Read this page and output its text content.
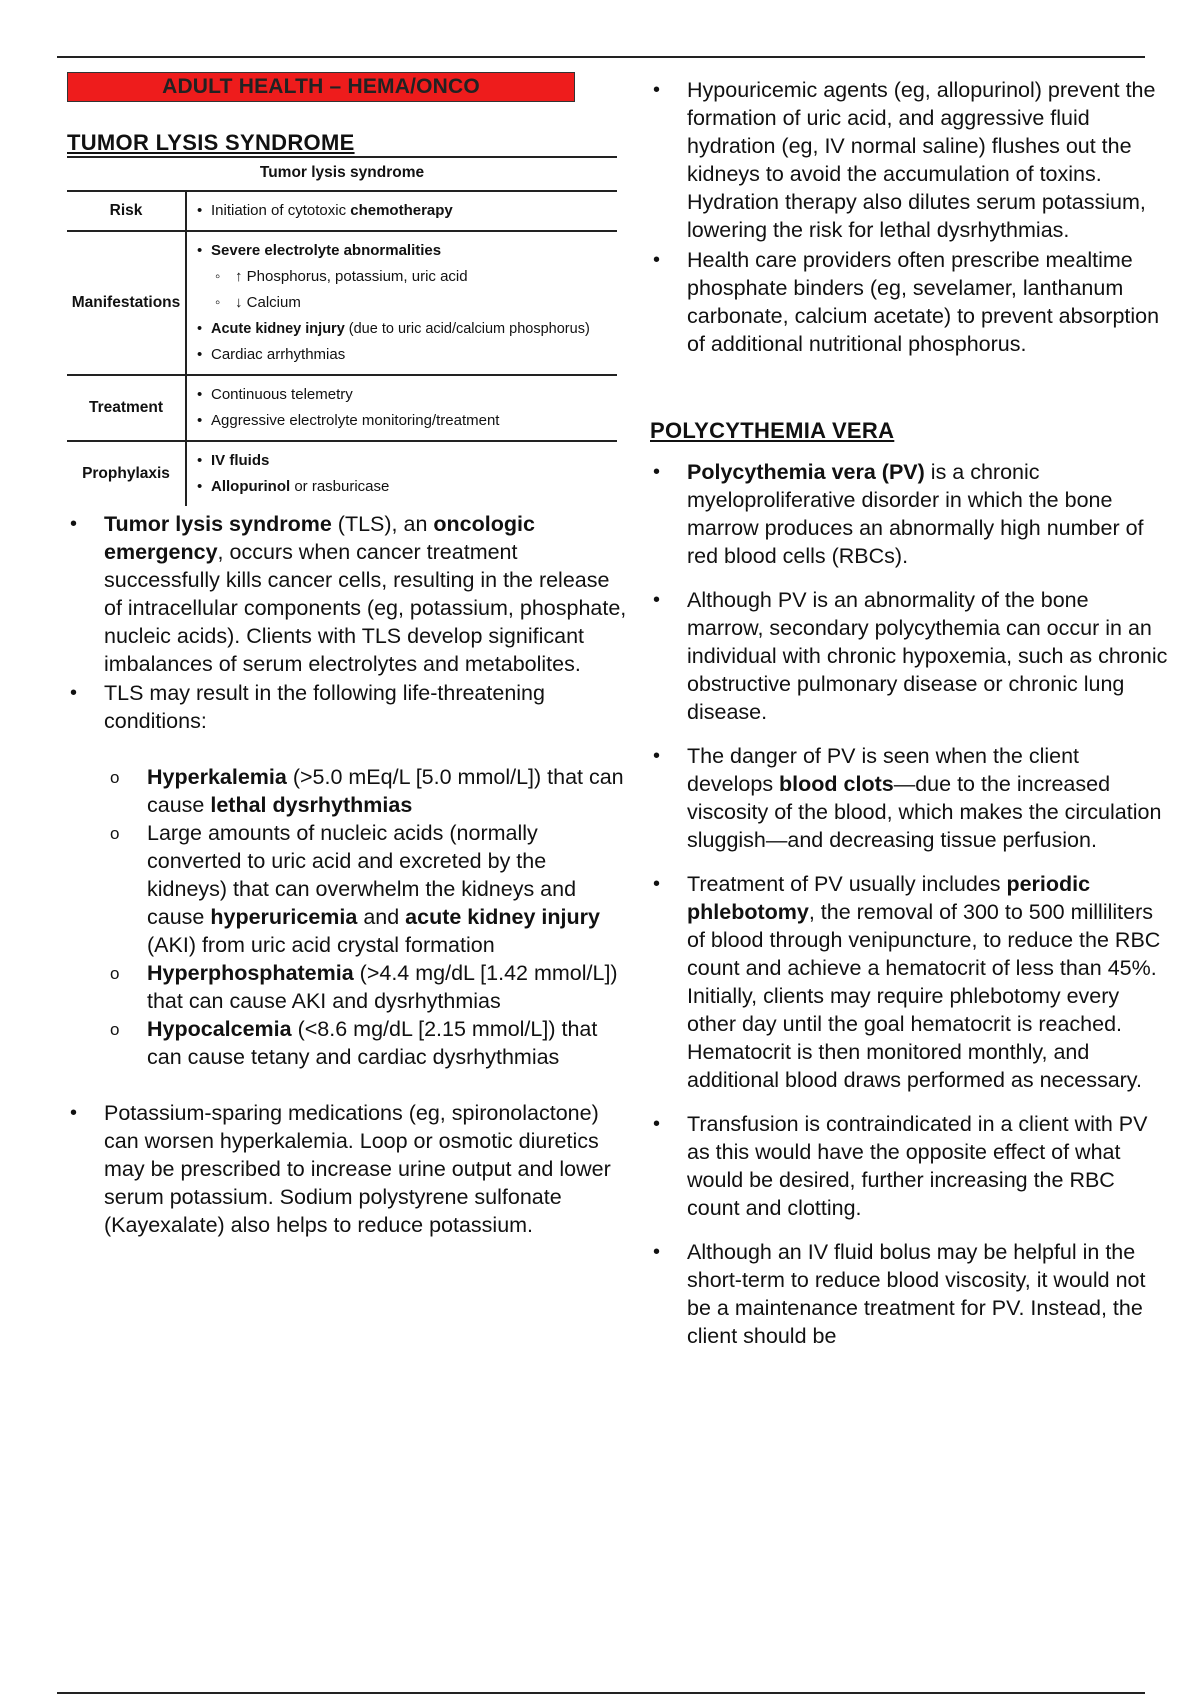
ADULT HEALTH – HEMA/ONCO
TUMOR LYSIS SYNDROME
Tumor lysis syndrome
Risk
•	Initiation of cytotoxic chemotherapy
Manifestations
• Severe electrolyte abnormalities
◦ ↑ Phosphorus, potassium, uric acid
◦ ↓ Calcium
• Acute kidney injury (due to uric acid/calcium phosphorus)
• Cardiac arrhythmias
Treatment
• Continuous telemetry
• Aggressive electrolyte monitoring/treatment
Prophylaxis
• IV fluids
• Allopurinol or rasburicase
• Tumor lysis syndrome (TLS), an oncologic emergency, occurs when cancer treatment successfully kills cancer cells, resulting in the release of intracellular components (eg, potassium, phosphate, nucleic acids). Clients with TLS develop significant imbalances of serum electrolytes and metabolites.
• TLS may result in the following life-threatening conditions:
o Hyperkalemia (>5.0 mEq/L [5.0 mmol/L]) that can cause lethal dysrhythmias
o Large amounts of nucleic acids (normally converted to uric acid and excreted by the kidneys) that can overwhelm the kidneys and cause hyperuricemia and acute kidney injury (AKI) from uric acid crystal formation
o Hyperphosphatemia (>4.4 mg/dL [1.42 mmol/L]) that can cause AKI and dysrhythmias
o Hypocalcemia (<8.6 mg/dL [2.15 mmol/L]) that can cause tetany and cardiac dysrhythmias
• Potassium-sparing medications (eg, spironolactone) can worsen hyperkalemia. Loop or osmotic diuretics may be prescribed to increase urine output and lower serum potassium. Sodium polystyrene sulfonate (Kayexalate) also helps to reduce potassium.
• Hypouricemic agents (eg, allopurinol) prevent the formation of uric acid, and aggressive fluid hydration (eg, IV normal saline) flushes out the kidneys to avoid the accumulation of toxins. Hydration therapy also dilutes serum potassium, lowering the risk for lethal dysrhythmias.
• Health care providers often prescribe mealtime phosphate binders (eg, sevelamer, lanthanum carbonate, calcium acetate) to prevent absorption of additional nutritional phosphorus.
POLYCYTHEMIA VERA
• Polycythemia vera (PV) is a chronic myeloproliferative disorder in which the bone marrow produces an abnormally high number of red blood cells (RBCs).
• Although PV is an abnormality of the bone marrow, secondary polycythemia can occur in an individual with chronic hypoxemia, such as chronic obstructive pulmonary disease or chronic lung disease.
• The danger of PV is seen when the client develops blood clots—due to the increased viscosity of the blood, which makes the circulation sluggish—and decreasing tissue perfusion.
• Treatment of PV usually includes periodic phlebotomy, the removal of 300 to 500 milliliters of blood through venipuncture, to reduce the RBC count and achieve a hematocrit of less than 45%. Initially, clients may require phlebotomy every other day until the goal hematocrit is reached. Hematocrit is then monitored monthly, and additional blood draws performed as necessary.
• Transfusion is contraindicated in a client with PV as this would have the opposite effect of what would be desired, further increasing the RBC count and clotting.
• Although an IV fluid bolus may be helpful in the short-term to reduce blood viscosity, it would not be a maintenance treatment for PV. Instead, the client should be
